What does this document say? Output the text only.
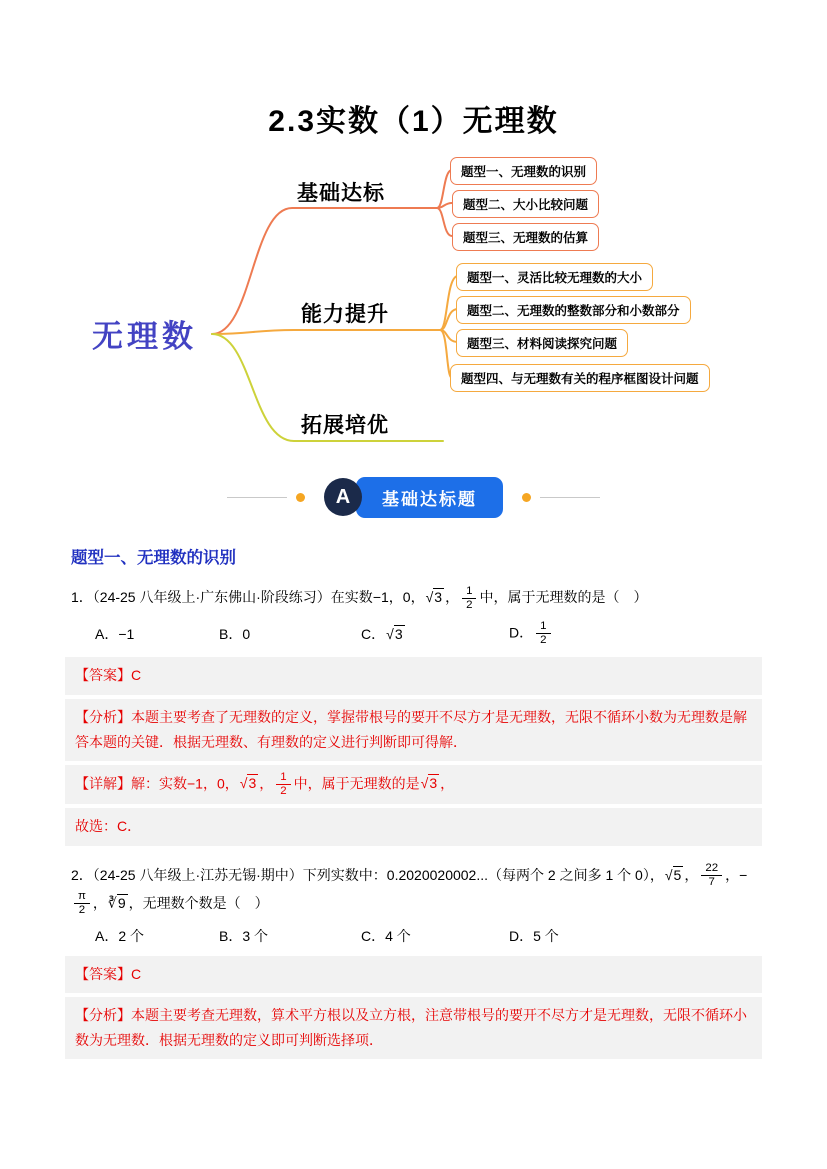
2.3实数（1）无理数
无理数
基础达标
能力提升
拓展培优
题型一、无理数的识别
题型二、大小比较问题
题型三、无理数的估算
题型一、灵活比较无理数的大小
题型二、无理数的整数部分和小数部分
题型三、材料阅读探究问题
题型四、与无理数有关的程序框图设计问题
A	基础达标题
题型一、无理数的识别

1．（24-25 八年级上·广东佛山·阶段练习）在实数−1，0， √ 3 ， $\frac{1}{2}$ 中，属于无理数的是（　）

A．−1	B．0	C． √ 3	D． $\frac{1}{2}$

【答案】C

【分析】本题主要考查了无理数的定义，掌握带根号的要开不尽方才是无理数，无限不循环小数为无理数是解答本题的关键．根据无理数、有理数的定义进行判断即可得解．

【详解】解：实数−1，0， √ 3 ， $\frac{1}{2}$ 中，属于无理数的是 √ 3 ，

故选：C．

2．（24-25 八年级上·江苏无锡·期中）下列实数中：0.2020020002...（每两个 2 之间多 1 个 0）， √ 5 ， $\frac{22}{7}$ ，−
$\frac{\pi}{2}$ ， ∛ 9 ，无理数个数是（　）

A．2 个	B．3 个	C．4 个	D．5 个

【答案】C

【分析】本题主要考查无理数，算术平方根以及立方根，注意带根号的要开不尽方才是无理数，无限不循环小数为无理数．根据无理数的定义即可判断选择项．
